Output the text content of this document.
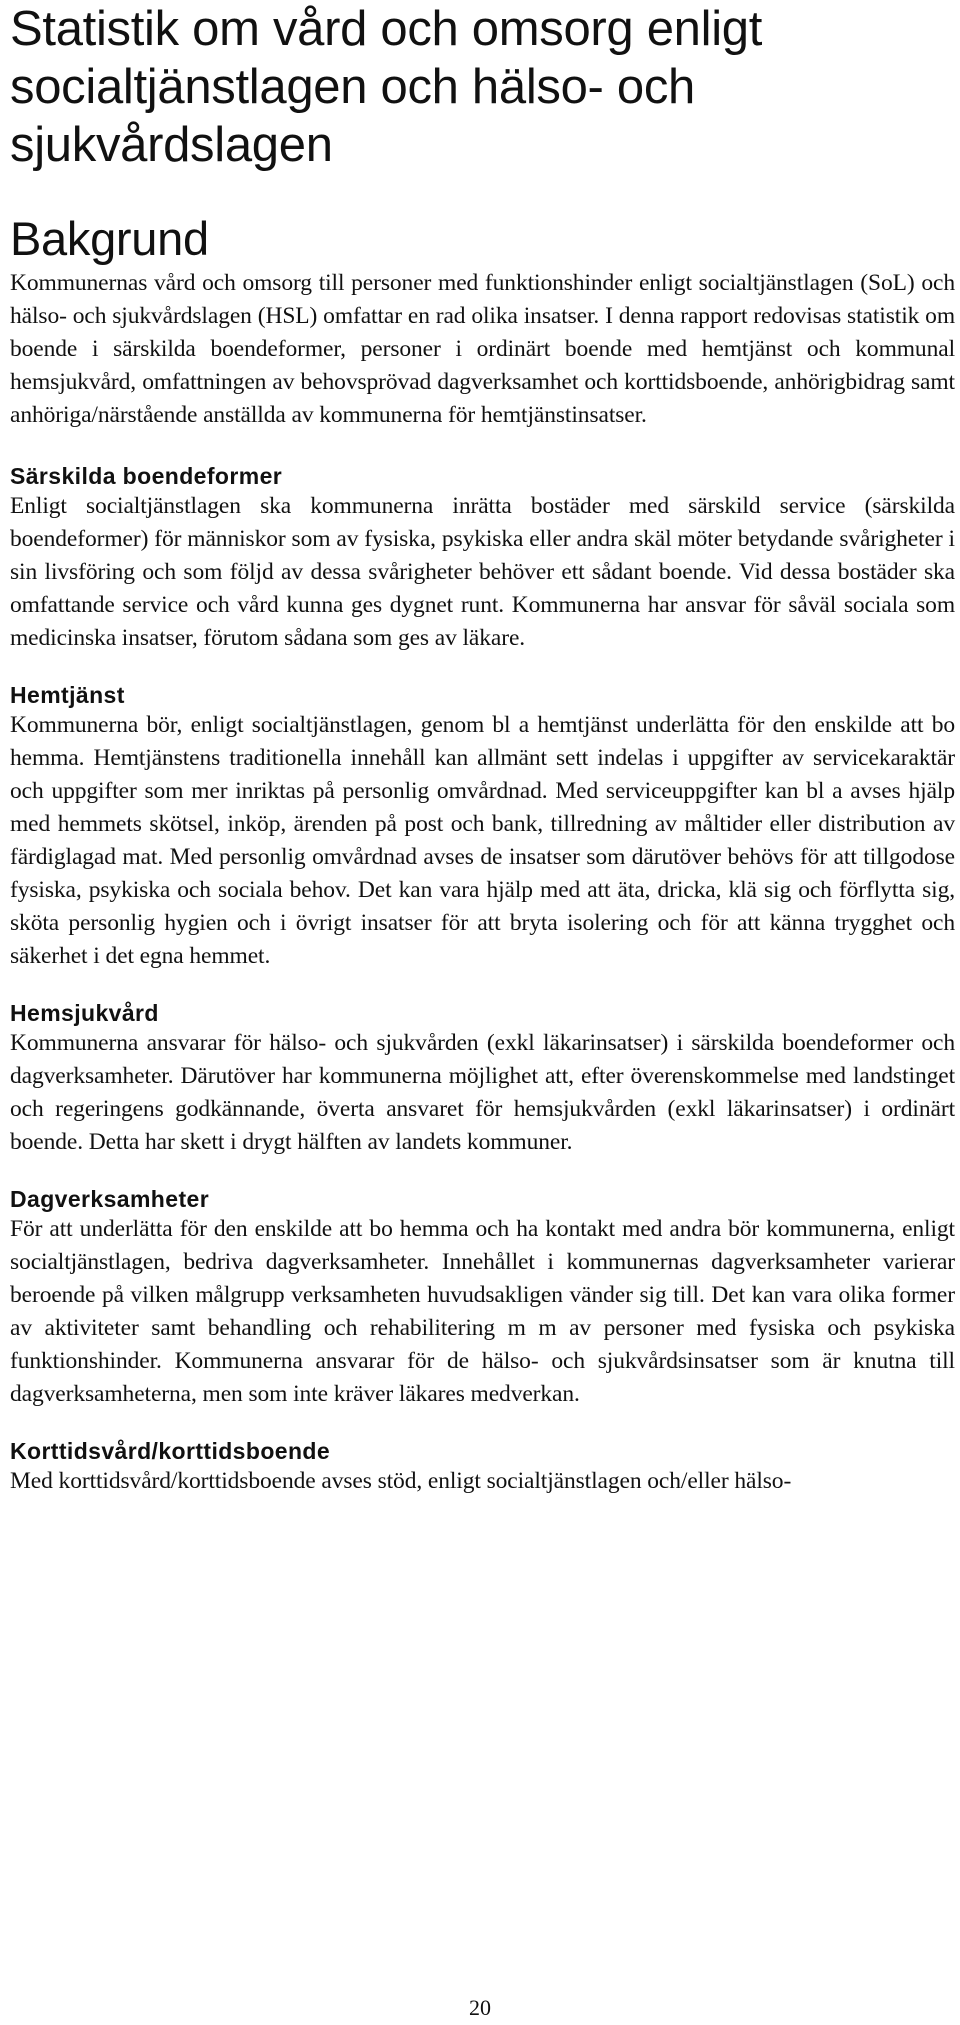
Statistik om vård och omsorg enligt socialtjänstlagen och hälso- och sjukvårdslagen
Bakgrund

Kommunernas vård och omsorg till personer med funktionshinder enligt socialtjänstlagen (SoL) och hälso- och sjukvårdslagen (HSL) omfattar en rad olika insatser. I denna rapport redovisas statistik om boende i särskilda boendeformer, personer i ordinärt boende med hemtjänst och kommunal hemsjukvård, omfattningen av behovsprövad dagverksamhet och korttidsboende, anhörigbidrag samt anhöriga/närstående anställda av kommunerna för hemtjänstinsatser.

Särskilda boendeformer

Enligt socialtjänstlagen ska kommunerna inrätta bostäder med särskild service (särskilda boendeformer) för människor som av fysiska, psykiska eller andra skäl möter betydande svårigheter i sin livsföring och som följd av dessa svårigheter behöver ett sådant boende. Vid dessa bostäder ska omfattande service och vård kunna ges dygnet runt. Kommunerna har ansvar för såväl sociala som medicinska insatser, förutom sådana som ges av läkare.

Hemtjänst

Kommunerna bör, enligt socialtjänstlagen, genom bl a hemtjänst underlätta för den enskilde att bo hemma. Hemtjänstens traditionella innehåll kan allmänt sett indelas i uppgifter av servicekaraktär och uppgifter som mer inriktas på personlig omvårdnad. Med serviceuppgifter kan bl a avses hjälp med hemmets skötsel, inköp, ärenden på post och bank, tillredning av måltider eller distribution av färdiglagad mat. Med personlig omvårdnad avses de insatser som därutöver behövs för att tillgodose fysiska, psykiska och sociala behov. Det kan vara hjälp med att äta, dricka, klä sig och förflytta sig, sköta personlig hygien och i övrigt insatser för att bryta isolering och för att känna trygghet och säkerhet i det egna hemmet.

Hemsjukvård

Kommunerna ansvarar för hälso- och sjukvården (exkl läkarinsatser) i särskilda boendeformer och dagverksamheter. Därutöver har kommunerna möjlighet att, efter överenskommelse med landstinget och regeringens godkännande, överta ansvaret för hemsjukvården (exkl läkarinsatser) i ordinärt boende. Detta har skett i drygt hälften av landets kommuner.

Dagverksamheter

För att underlätta för den enskilde att bo hemma och ha kontakt med andra bör kommunerna, enligt socialtjänstlagen, bedriva dagverksamheter. Innehållet i kommunernas dagverksamheter varierar beroende på vilken målgrupp verksamheten huvudsakligen vänder sig till. Det kan vara olika former av aktiviteter samt behandling och rehabilitering m m av personer med fysiska och psykiska funktionshinder. Kommunerna ansvarar för de hälso- och sjukvårdsinsatser som är knutna till dagverksamheterna, men som inte kräver läkares medverkan.

Korttidsvård/korttidsboende

Med korttidsvård/korttidsboende avses stöd, enligt socialtjänstlagen och/eller hälso-

20
